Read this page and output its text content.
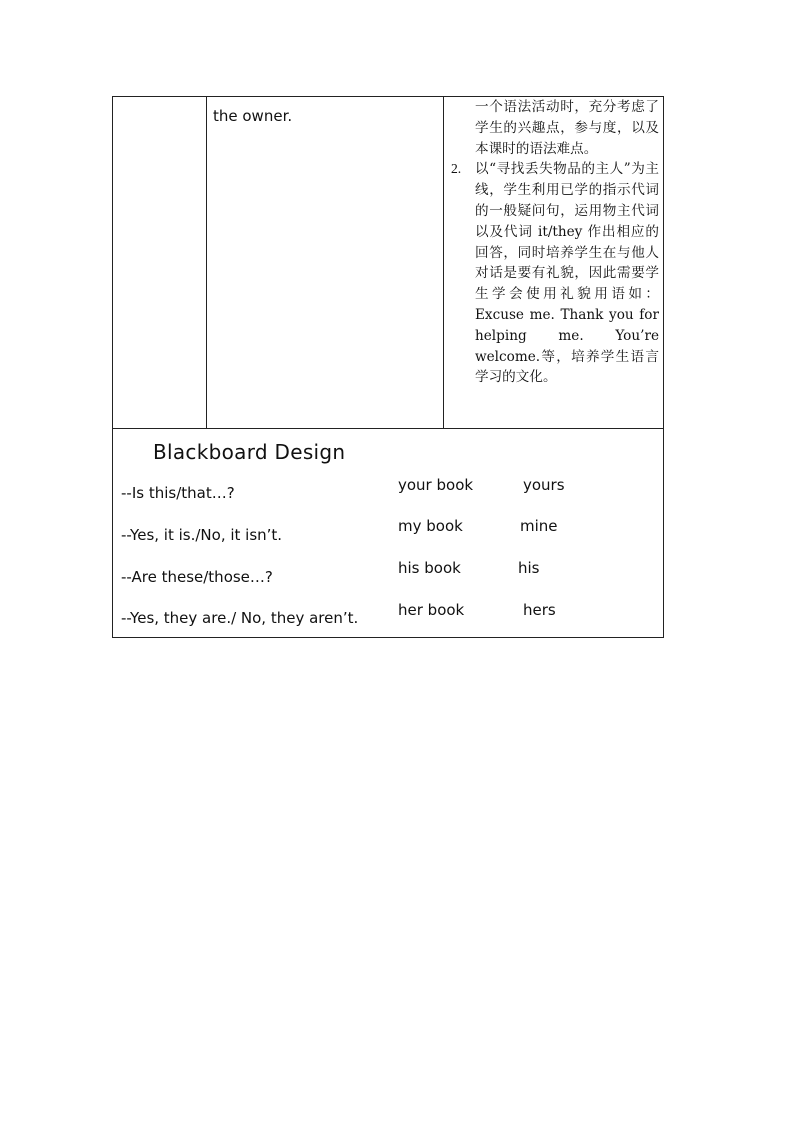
the owner.	一个语法活动时，充分考虑了学生的兴趣点，参与度，以及本课时的语法难点。
2. 以“寻找丢失物品的主人”为主线，学生利用已学的指示代词的一般疑问句，运用物主代词以及代词 it/they 作出相应的回答，同时培养学生在与他人对话是要有礼貌，因此需要学生学会使用礼貌用语如：Excuse me. Thank you for helping me. You’re welcome.等，培养学生语言学习的文化。
Blackboard Design
--Is this/that…?
--Yes, it is./No, it isn’t.
--Are these/those…?
--Yes, they are./ No, they aren’t.
your book	yours
my book	mine
his book	his
her book	hers
